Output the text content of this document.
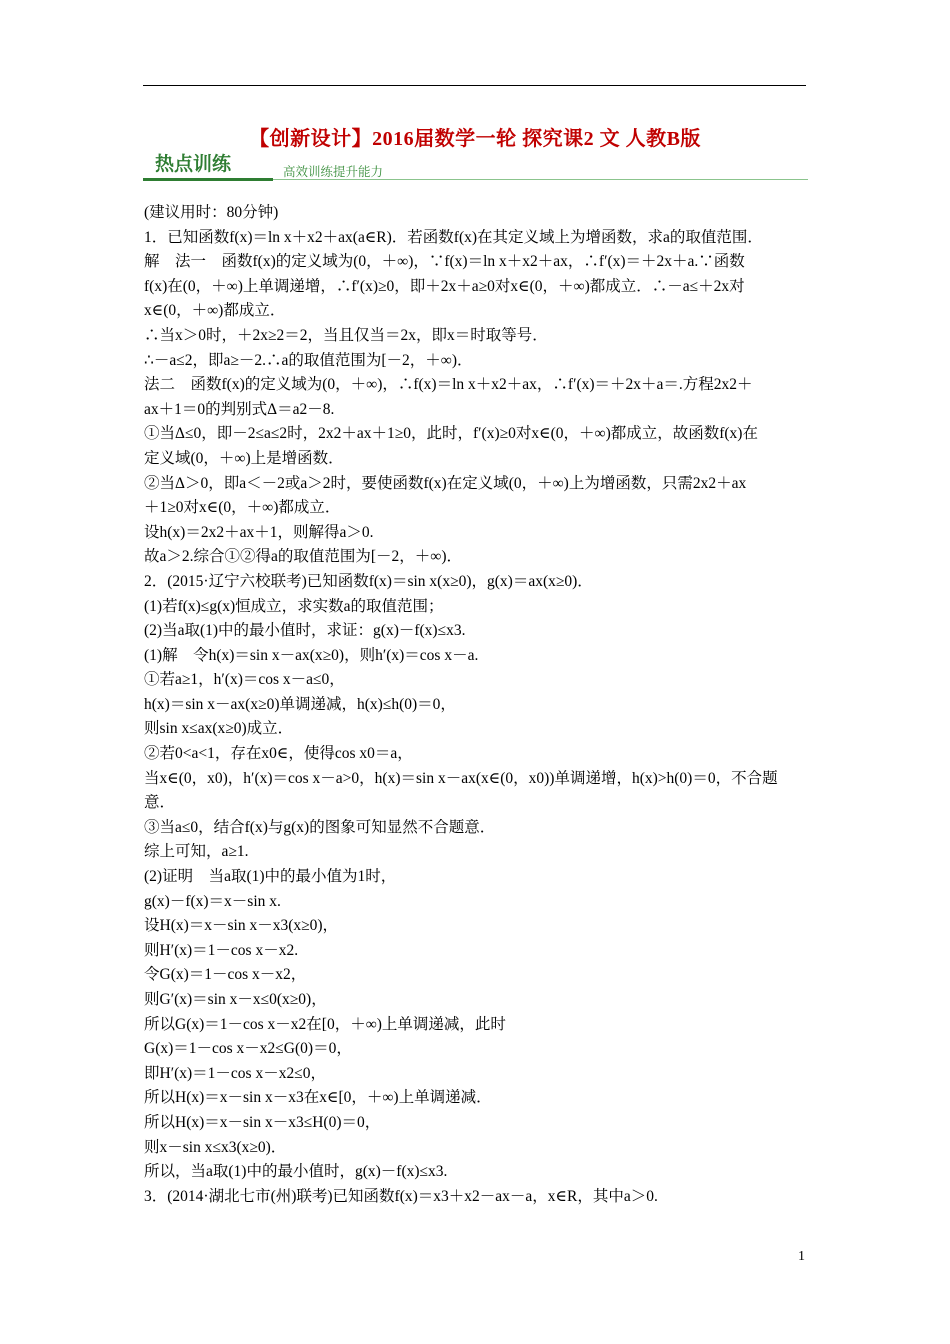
【创新设计】2016届数学一轮 探究课2 文 人教B版
热点训练	高效训练提升能力

(建议用时：80分钟)

1．已知函数f(x)＝ln x＋x2＋ax(a∈R)．若函数f(x)在其定义域上为增函数，求a的取值范围．

解　法一　函数f(x)的定义域为(0，＋∞)，∵f(x)＝ln x＋x2＋ax，∴f′(x)＝＋2x＋a.∵函数

f(x)在(0，＋∞)上单调递增，∴f′(x)≥0，即＋2x＋a≥0对x∈(0，＋∞)都成立．∴－a≤＋2x对

x∈(0，＋∞)都成立．

∴当x＞0时，＋2x≥2＝2，当且仅当＝2x，即x＝时取等号．

∴－a≤2，即a≥－2.∴a的取值范围为[－2，＋∞)．

法二　函数f(x)的定义域为(0，＋∞)，∴f(x)＝ln x＋x2＋ax，∴f′(x)＝＋2x＋a＝.方程2x2＋

ax＋1＝0的判别式Δ＝a2－8.

①当Δ≤0，即－2≤a≤2时，2x2＋ax＋1≥0，此时，f′(x)≥0对x∈(0，＋∞)都成立，故函数f(x)在

定义域(0，＋∞)上是增函数．

②当Δ＞0，即a＜－2或a＞2时，要使函数f(x)在定义域(0，＋∞)上为增函数，只需2x2＋ax

＋1≥0对x∈(0，＋∞)都成立．

设h(x)＝2x2＋ax＋1，则解得a＞0.

故a＞2.综合①②得a的取值范围为[－2，＋∞)．

2．(2015·辽宁六校联考)已知函数f(x)＝sin x(x≥0)，g(x)＝ax(x≥0)．

(1)若f(x)≤g(x)恒成立，求实数a的取值范围；

(2)当a取(1)中的最小值时，求证：g(x)－f(x)≤x3.

(1)解　令h(x)＝sin x－ax(x≥0)，则h′(x)＝cos x－a.

①若a≥1，h′(x)＝cos x－a≤0，

h(x)＝sin x－ax(x≥0)单调递减，h(x)≤h(0)＝0，

则sin x≤ax(x≥0)成立．

②若0<a<1，存在x0∈，使得cos x0＝a，

当x∈(0，x0)，h′(x)＝cos x－a>0，h(x)＝sin x－ax(x∈(0，x0))单调递增，h(x)>h(0)＝0，不合题

意．

③当a≤0，结合f(x)与g(x)的图象可知显然不合题意．

综上可知，a≥1.

(2)证明　当a取(1)中的最小值为1时，

g(x)－f(x)＝x－sin x.

设H(x)＝x－sin x－x3(x≥0)，

则H′(x)＝1－cos x－x2.

令G(x)＝1－cos x－x2，

则G′(x)＝sin x－x≤0(x≥0)，

所以G(x)＝1－cos x－x2在[0，＋∞)上单调递减，此时

G(x)＝1－cos x－x2≤G(0)＝0，

即H′(x)＝1－cos x－x2≤0，

所以H(x)＝x－sin x－x3在x∈[0，＋∞)上单调递减．

所以H(x)＝x－sin x－x3≤H(0)＝0，

则x－sin x≤x3(x≥0)．

所以，当a取(1)中的最小值时，g(x)－f(x)≤x3.

3．(2014·湖北七市(州)联考)已知函数f(x)＝x3＋x2－ax－a，x∈R，其中a＞0.

1
